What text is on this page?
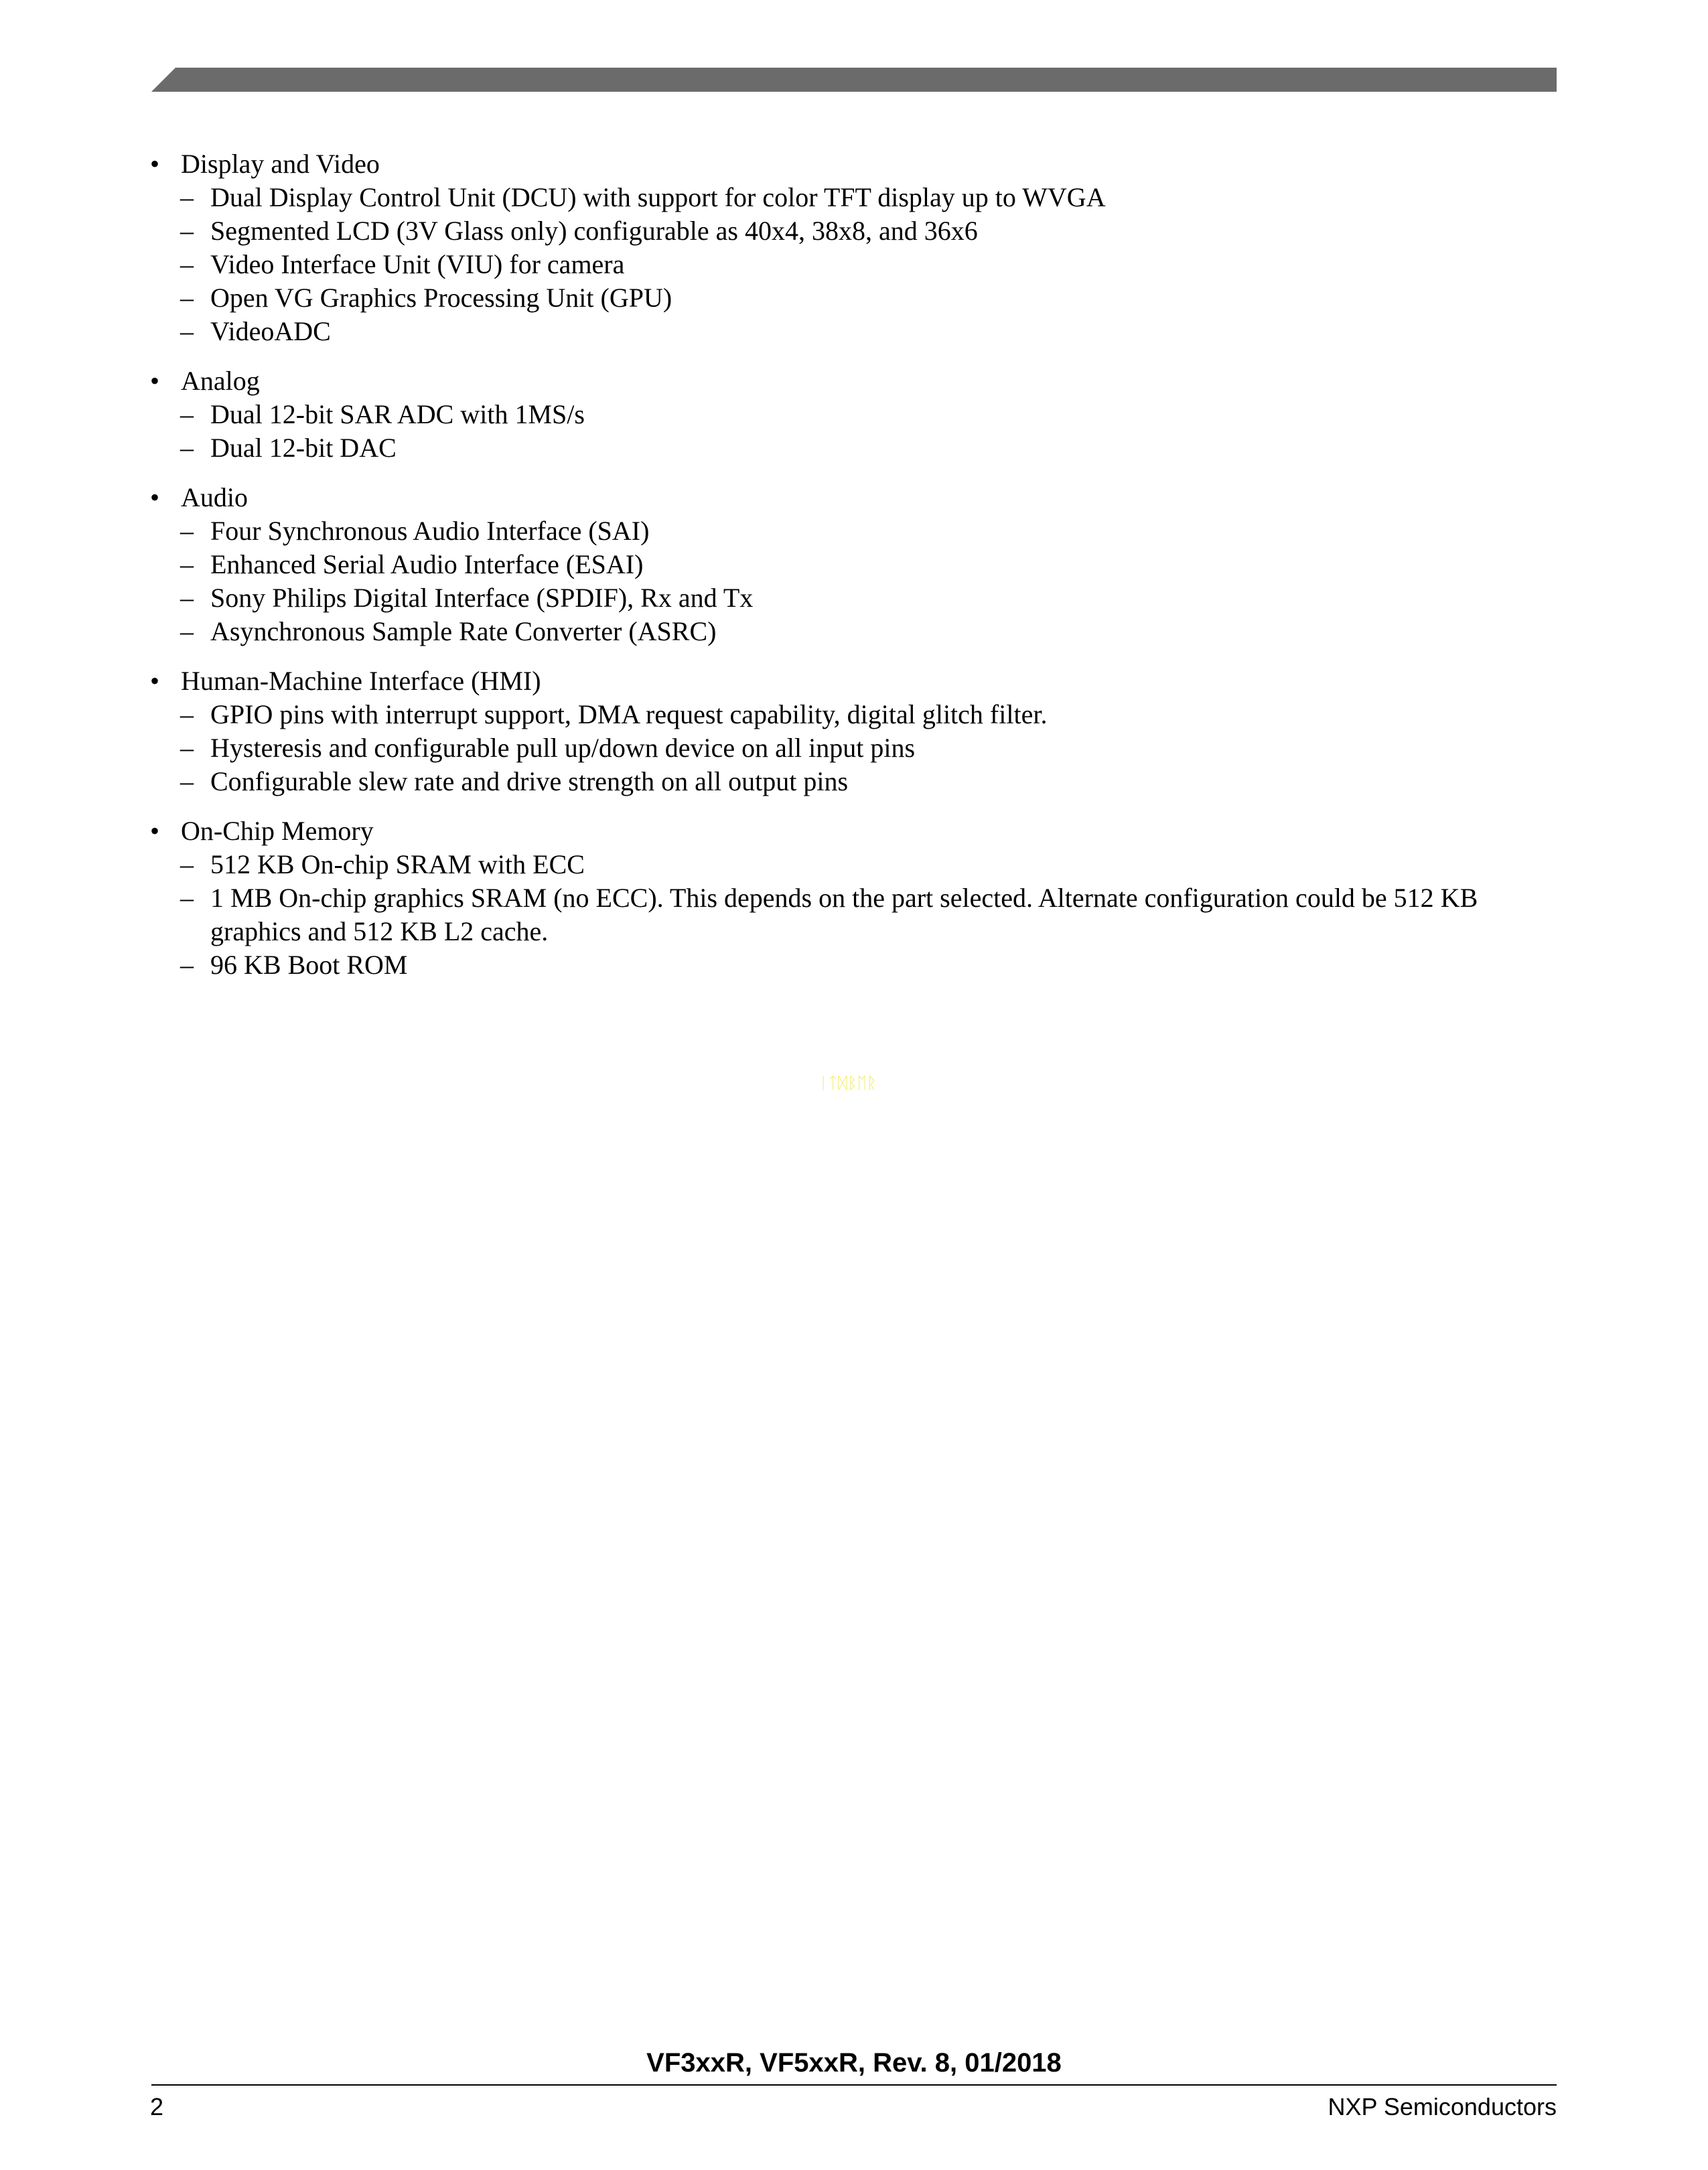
• Display and Video
– Dual Display Control Unit (DCU) with support for color TFT display up to WVGA
– Segmented LCD (3V Glass only) configurable as 40x4, 38x8, and 36x6
– Video Interface Unit (VIU) for camera
– Open VG Graphics Processing Unit (GPU)
– VideoADC
• Analog
– Dual 12-bit SAR ADC with 1MS/s
– Dual 12-bit DAC
• Audio
– Four Synchronous Audio Interface (SAI)
– Enhanced Serial Audio Interface (ESAI)
– Sony Philips Digital Interface (SPDIF), Rx and Tx
– Asynchronous Sample Rate Converter (ASRC)
• Human-Machine Interface (HMI)
– GPIO pins with interrupt support, DMA request capability, digital glitch filter.
– Hysteresis and configurable pull up/down device on all input pins
– Configurable slew rate and drive strength on all output pins
• On-Chip Memory
– 512 KB On-chip SRAM with ECC
– 1 MB On-chip graphics SRAM (no ECC). This depends on the part selected. Alternate configuration could be 512 KB graphics and 512 KB L2 cache.
– 96 KB Boot ROM
ᛁᛏᛞᛒᛖᚱ
VF3xxR, VF5xxR, Rev. 8, 01/2018
2	NXP Semiconductors
